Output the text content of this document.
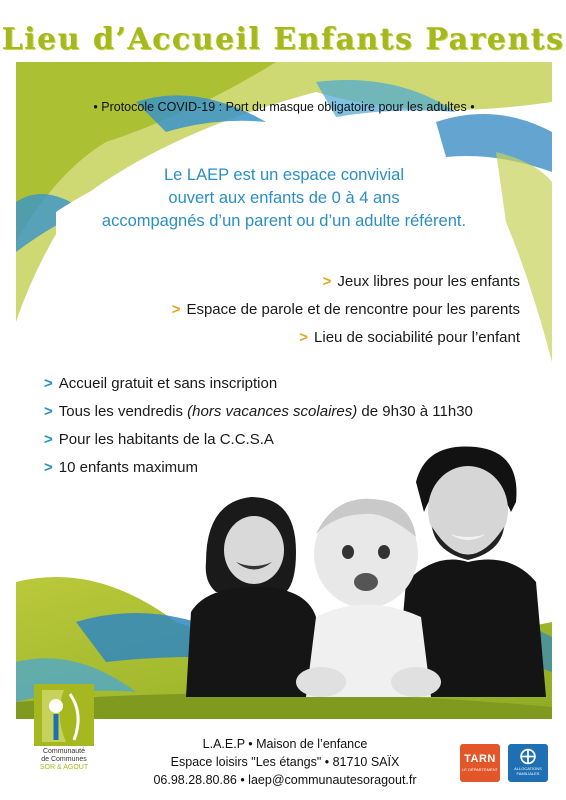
Lieu d’Accueil Enfants Parents
• Protocole COVID-19 : Port du masque obligatoire pour les adultes •
Le LAEP est un espace convivial
ouvert aux enfants de 0 à 4 ans
accompagnés d’un parent ou d’un adulte référent.
> Jeux libres pour les enfants
> Espace de parole et de rencontre pour les parents
> Lieu de sociabilité pour l’enfant
> Accueil gratuit et sans inscription
> Tous les vendredis (hors vacances scolaires) de 9h30 à 11h30
> Pour les habitants de la C.C.S.A
> 10 enfants maximum
Communauté
de Communes
SOR & AGOUT
L.A.E.P • Maison de l’enfance
Espace loisirs "Les étangs" • 81710 SAÏX
06.98.28.80.86 • laep@communautesoragout.fr
TARN
LE DÉPARTEMENT	ALLOCATIONS
FAMILIALES
